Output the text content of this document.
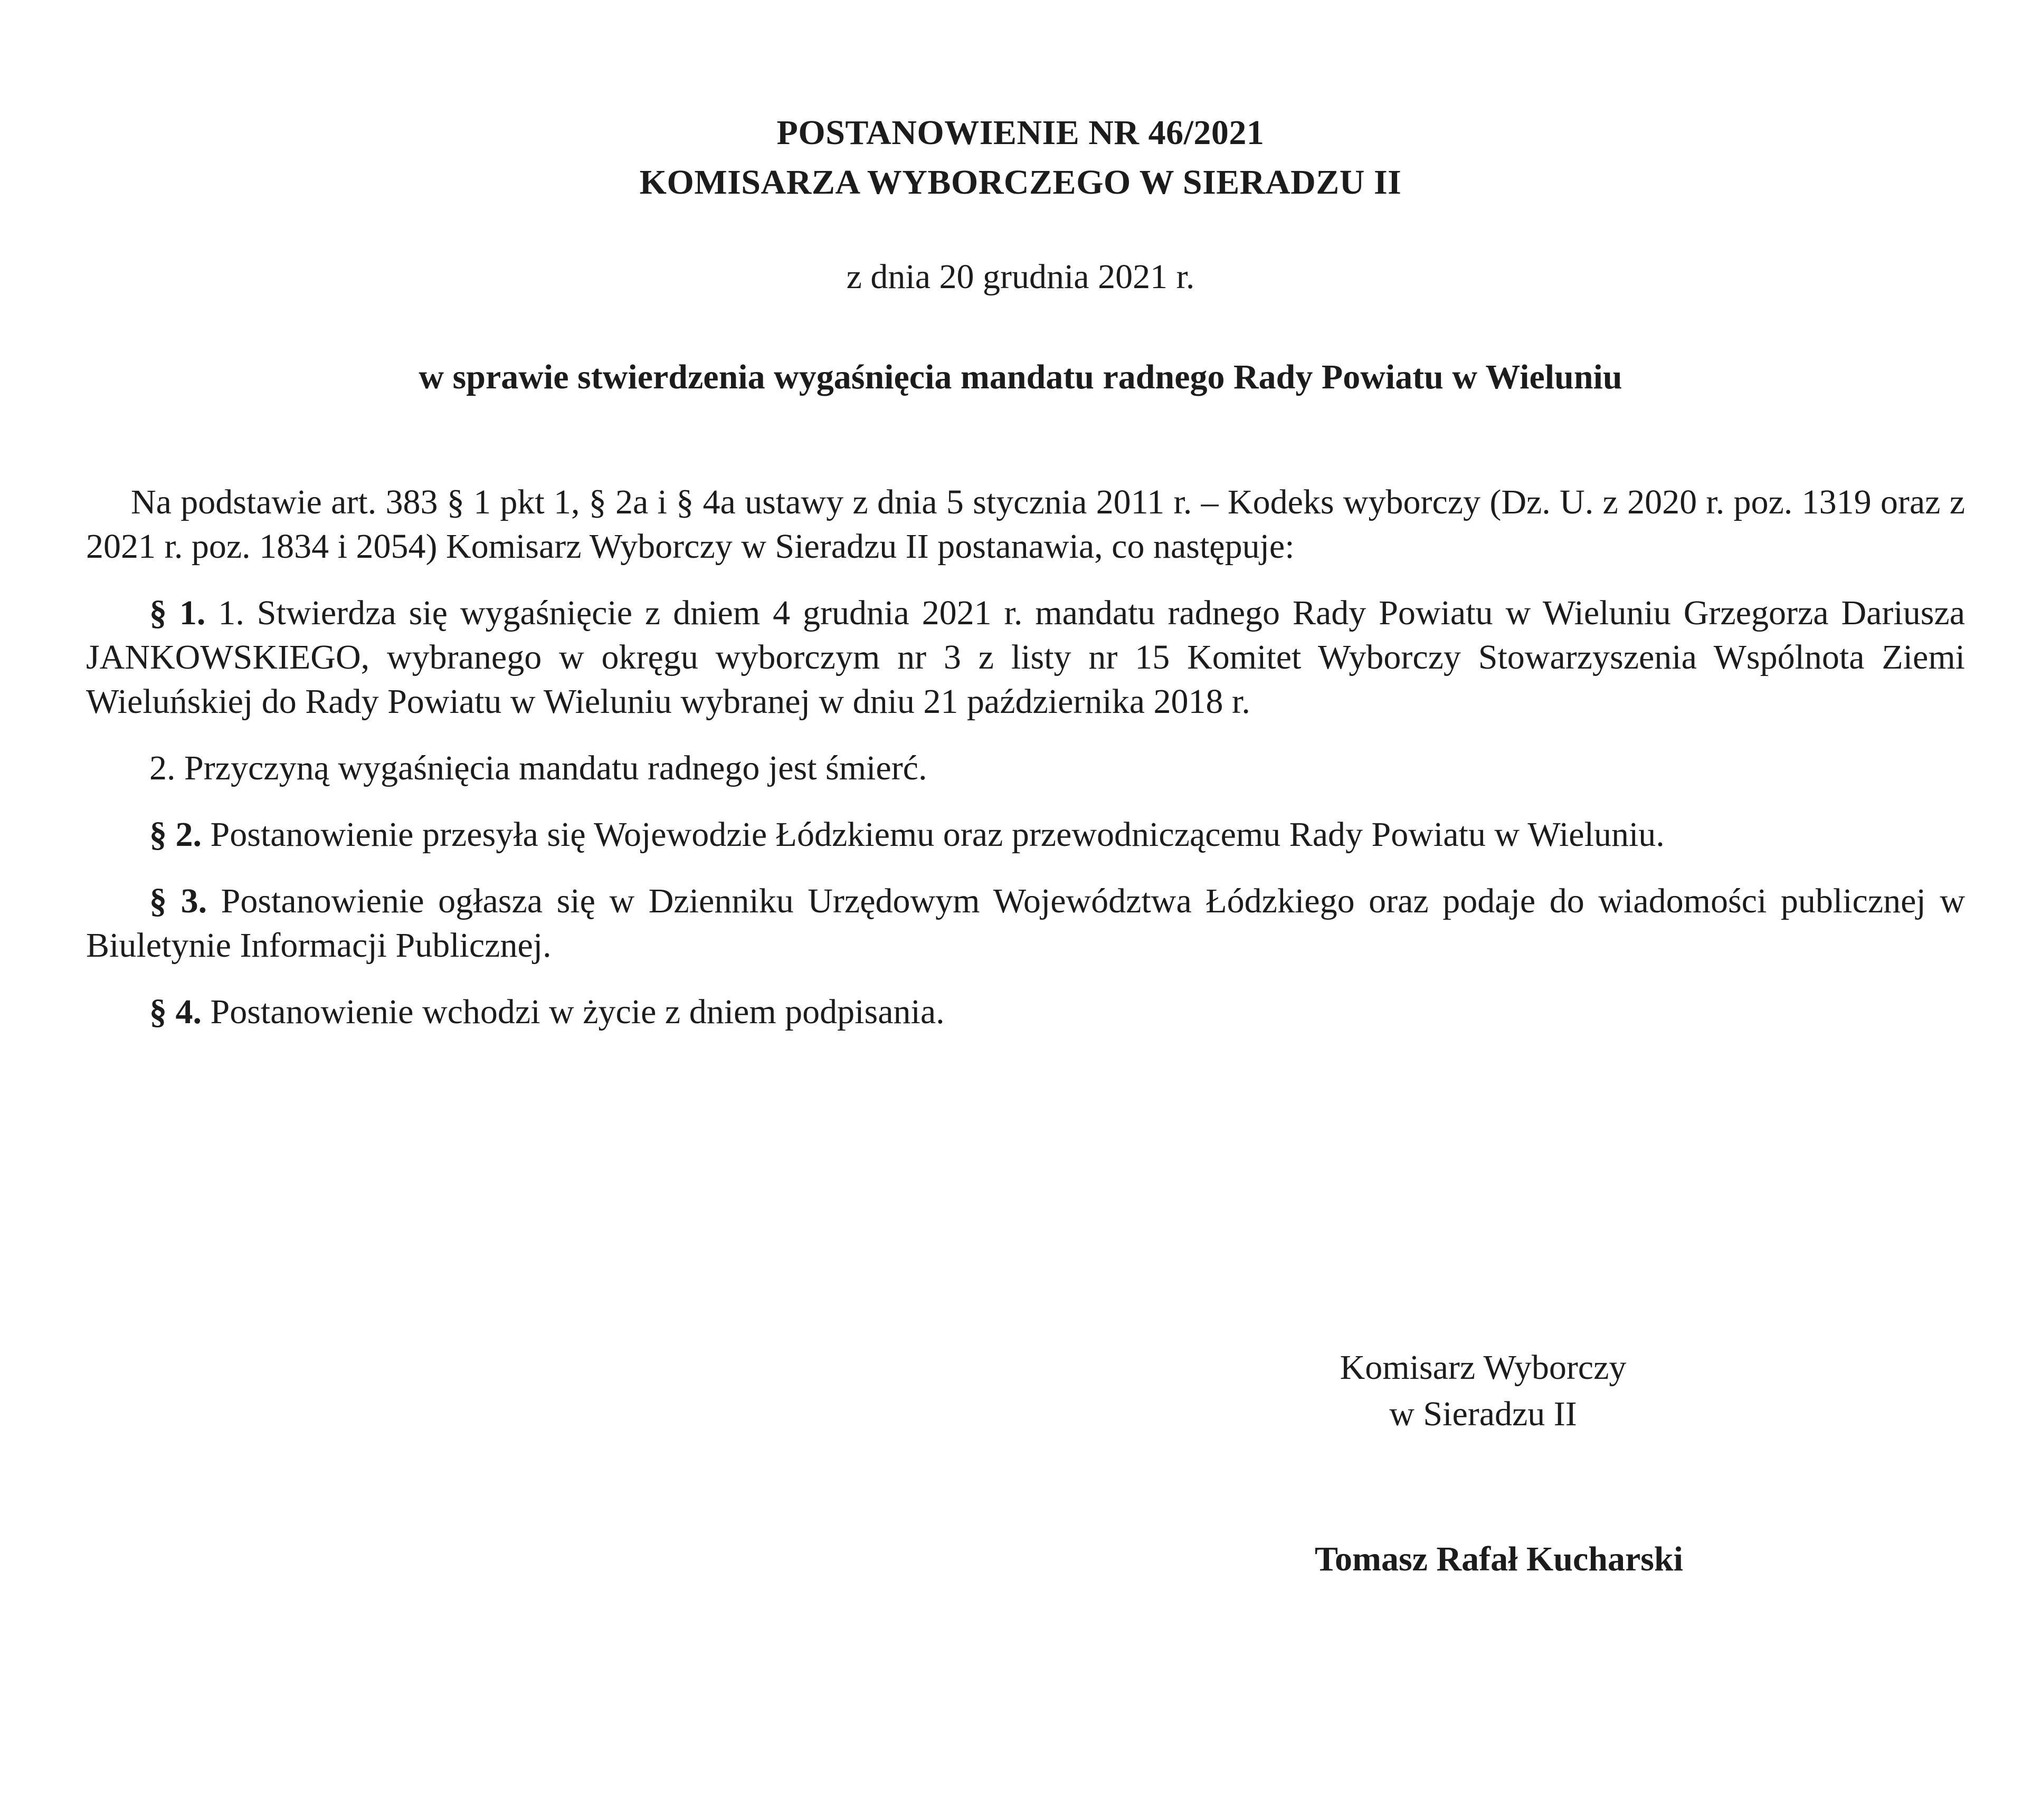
POSTANOWIENIE NR 46/2021
KOMISARZA WYBORCZEGO W SIERADZU II
z dnia 20 grudnia 2021 r.
w sprawie stwierdzenia wygaśnięcia mandatu radnego Rady Powiatu w Wieluniu

Na podstawie art. 383 § 1 pkt 1, § 2a i § 4a ustawy z dnia 5 stycznia 2011 r. – Kodeks wyborczy (Dz. U. z 2020 r. poz. 1319 oraz z 2021 r. poz. 1834 i 2054) Komisarz Wyborczy w Sieradzu II postanawia, co następuje:

§ 1. 1. Stwierdza się wygaśnięcie z dniem 4 grudnia 2021 r. mandatu radnego Rady Powiatu w Wieluniu Grzegorza Dariusza JANKOWSKIEGO, wybranego w okręgu wyborczym nr 3 z listy nr 15 Komitet Wyborczy Stowarzyszenia Wspólnota Ziemi Wieluńskiej do Rady Powiatu w Wieluniu wybranej w dniu 21 października 2018 r.

2. Przyczyną wygaśnięcia mandatu radnego jest śmierć.

§ 2. Postanowienie przesyła się Wojewodzie Łódzkiemu oraz przewodniczącemu Rady Powiatu w Wieluniu.

§ 3. Postanowienie ogłasza się w Dzienniku Urzędowym Województwa Łódzkiego oraz podaje do wiadomości publicznej w Biuletynie Informacji Publicznej.

§ 4. Postanowienie wchodzi w życie z dniem podpisania.

Komisarz Wyborczy
w Sieradzu II
Tomasz Rafał Kucharski
